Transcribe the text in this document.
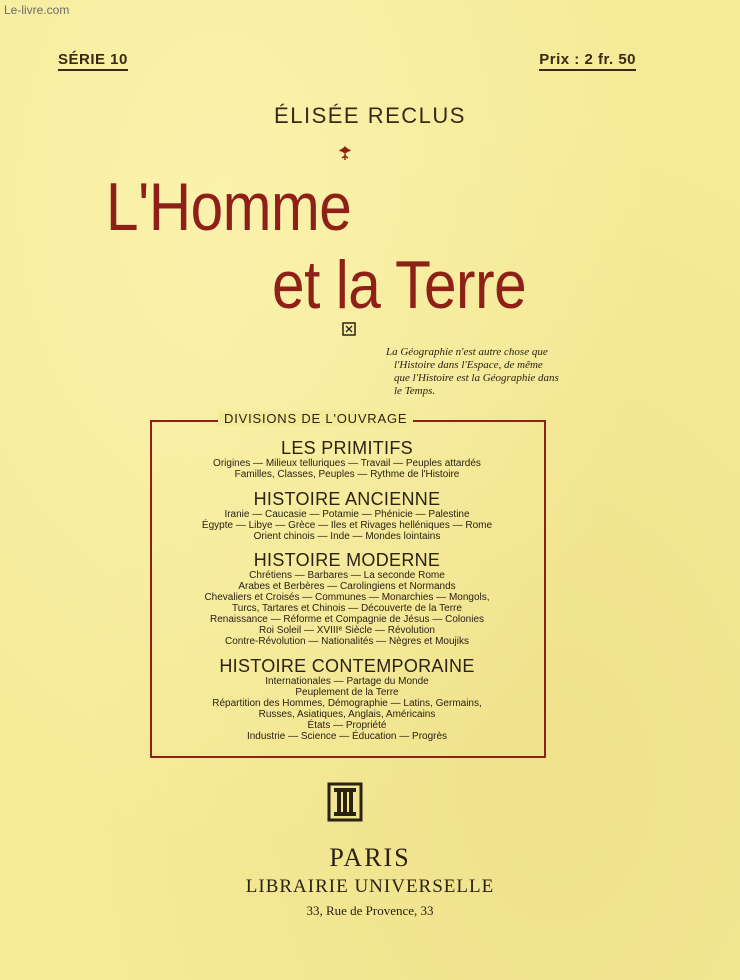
Le-livre.com
SÉRIE 10	Prix : 2 fr. 50
ÉLISÉE RECLUS
L'Homme
et la Terre
La Géographie n'est autre chose que
l'Histoire dans l'Espace, de même
que l'Histoire est la Géographie dans
le Temps.
DIVISIONS DE L'OUVRAGE
LES PRIMITIFS
Origines — Milieux telluriques — Travail — Peuples attardés
Familles, Classes, Peuples — Rythme de l'Histoire
HISTOIRE ANCIENNE
Iranie — Caucasie — Potamie — Phénicie — Palestine
Égypte — Libye — Grèce — Iles et Rivages helléniques — Rome
Orient chinois — Inde — Mondes lointains
HISTOIRE MODERNE
Chrétiens — Barbares — La seconde Rome
Arabes et Berbères — Carolingiens et Normands
Chevaliers et Croisés — Communes — Monarchies — Mongols,
Turcs, Tartares et Chinois — Découverte de la Terre
Renaissance — Réforme et Compagnie de Jésus — Colonies
Roi Soleil — XVIIIᵉ Siècle — Révolution
Contre-Révolution — Nationalités — Nègres et Moujiks
HISTOIRE CONTEMPORAINE
Internationales — Partage du Monde
Peuplement de la Terre
Répartition des Hommes, Démographie — Latins, Germains,
Russes, Asiatiques, Anglais, Américains
États — Propriété
Industrie — Science — Éducation — Progrès
PARIS
LIBRAIRIE UNIVERSELLE
33, Rue de Provence, 33
